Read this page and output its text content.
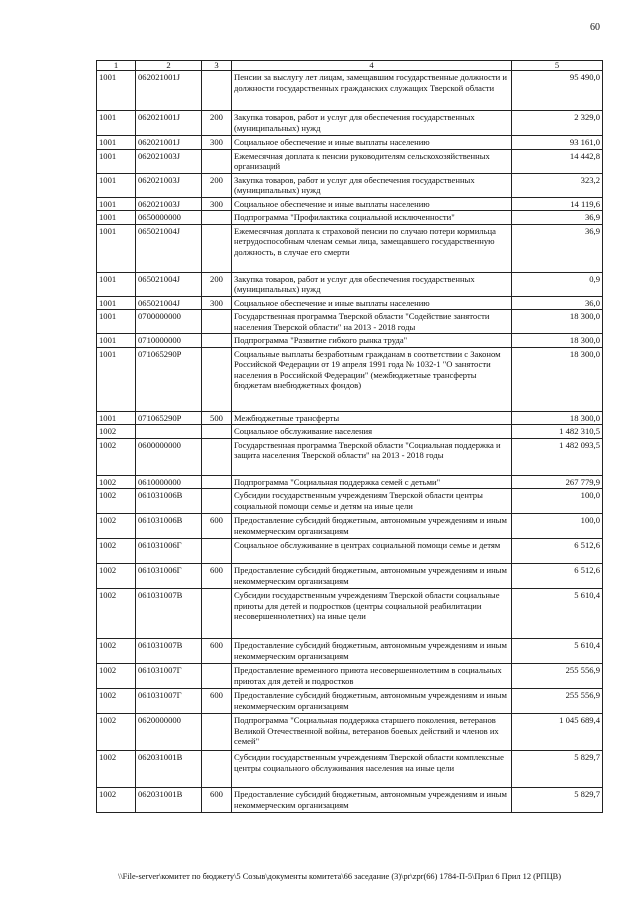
60
1	2	3	4	5
1001	062021001J		Пенсии за выслугу лет лицам, замещавшим государственные должности и должности государственных гражданских служащих Тверской области	95 490,0
1001	062021001J	200	Закупка товаров, работ и услуг для обеспечения государственных (муниципальных) нужд	2 329,0
1001	062021001J	300	Социальное обеспечение и иные выплаты населению	93 161,0
1001	062021003J		Ежемесячная доплата к пенсии руководителям сельскохозяйственных организаций	14 442,8
1001	062021003J	200	Закупка товаров, работ и услуг для обеспечения государственных (муниципальных) нужд	323,2
1001	062021003J	300	Социальное обеспечение и иные выплаты населению	14 119,6
1001	0650000000		Подпрограмма "Профилактика социальной исключенности"	36,9
1001	065021004J		Ежемесячная доплата к страховой пенсии по случаю потери кормильца нетрудоспособным членам семьи лица, замещавшего государственную должность, в случае его смерти	36,9
1001	065021004J	200	Закупка товаров, работ и услуг для обеспечения государственных (муниципальных) нужд	0,9
1001	065021004J	300	Социальное обеспечение и иные выплаты населению	36,0
1001	0700000000		Государственная программа Тверской области "Содействие занятости населения Тверской области" на 2013 - 2018 годы	18 300,0
1001	0710000000		Подпрограмма "Развитие гибкого рынка труда"	18 300,0
1001	071065290P		Социальные выплаты безработным гражданам в соответствии с Законом Российской Федерации от 19 апреля 1991 года № 1032-1 "О занятости населения в Российской Федерации" (межбюджетные трансферты бюджетам внебюджетных фондов)	18 300,0
1001	071065290P	500	Межбюджетные трансферты	18 300,0
1002			Социальное обслуживание населения	1 482 310,5
1002	0600000000		Государственная программа Тверской области "Социальная поддержка и защита населения Тверской области" на 2013 - 2018 годы	1 482 093,5
1002	0610000000		Подпрограмма "Социальная поддержка семей с детьми"	267 779,9
1002	061031006В		Субсидии государственным учреждениям Тверской области центры социальной помощи семье и детям на иные цели	100,0
1002	061031006В	600	Предоставление субсидий бюджетным, автономным учреждениям и иным некоммерческим организациям	100,0
1002	061031006Г		Социальное обслуживание в центрах социальной помощи семье и детям	6 512,6
1002	061031006Г	600	Предоставление субсидий бюджетным, автономным учреждениям и иным некоммерческим организациям	6 512,6
1002	061031007В		Субсидии государственным учреждениям Тверской области социальные приюты для детей и подростков (центры социальной реабилитации несовершеннолетних) на иные цели	5 610,4
1002	061031007В	600	Предоставление субсидий бюджетным, автономным учреждениям и иным некоммерческим организациям	5 610,4
1002	061031007Г		Предоставление временного приюта несовершеннолетним в социальных приютах для детей и подростков	255 556,9
1002	061031007Г	600	Предоставление субсидий бюджетным, автономным учреждениям и иным некоммерческим организациям	255 556,9
1002	0620000000		Подпрограмма "Социальная поддержка старшего поколения, ветеранов Великой Отечественной войны, ветеранов боевых действий и членов их семей"	1 045 689,4
1002	062031001В		Субсидии государственным учреждениям Тверской области комплексные центры социального обслуживания населения на иные цели	5 829,7
1002	062031001В	600	Предоставление субсидий бюджетным, автономным учреждениям и иным некоммерческим организациям	5 829,7
\\File-server\комитет по бюджету\5 Созыв\документы комитета\66 заседание (3)\pr\zpr(66) 1784-П-5\Прил 6 Прил 12 (РПЦВ)
